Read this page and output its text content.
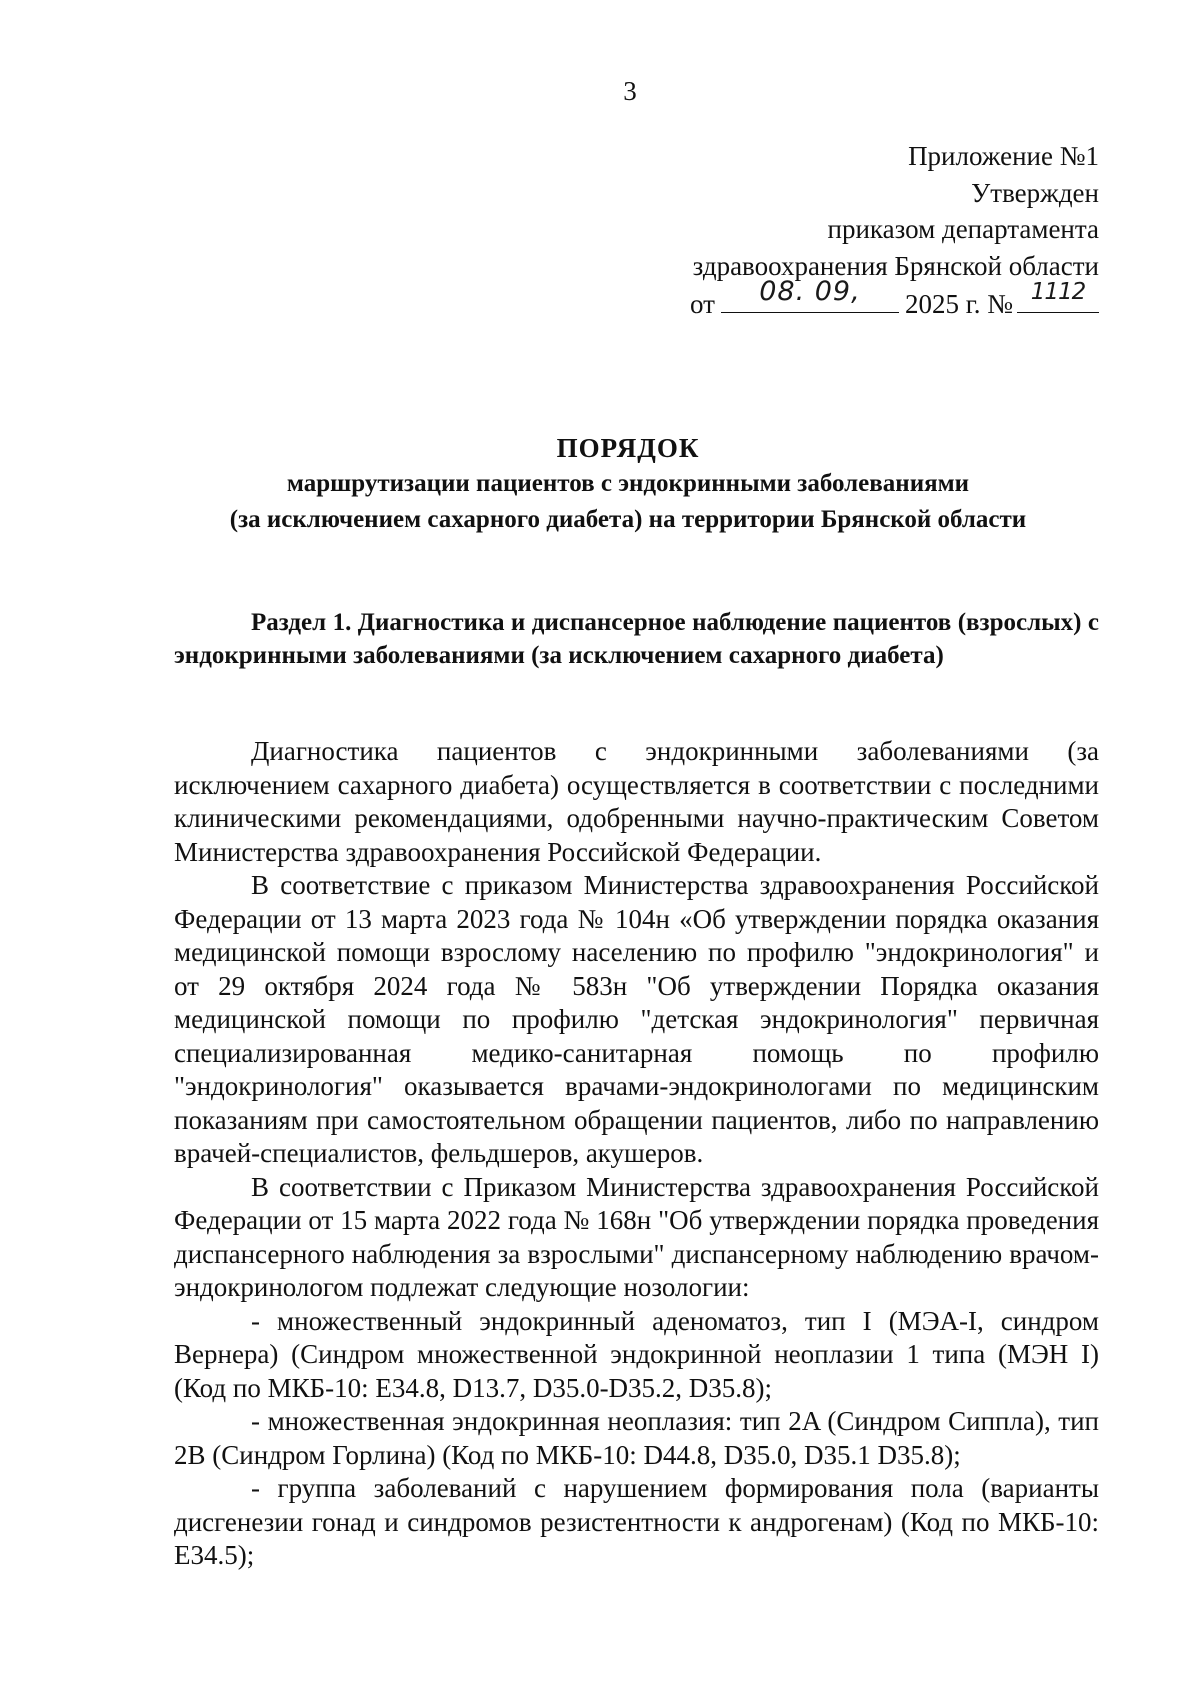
3
Приложение №1
Утвержден
приказом департамента
здравоохранения Брянской области
от	08. 09,	2025 г. № 1112
ПОРЯДОК
маршрутизации пациентов с эндокринными заболеваниями
(за исключением сахарного диабета) на территории Брянской области
Раздел 1. Диагностика и диспансерное наблюдение пациентов (взрослых) с эндокринными заболеваниями (за исключением сахарного диабета)

Диагностика пациентов с эндокринными заболеваниями (за исключением сахарного диабета) осуществляется в соответствии с последними клиническими рекомендациями, одобренными научно-практическим Советом Министерства здравоохранения Российской Федерации.

В соответствие с приказом Министерства здравоохранения Российской Федерации от 13 марта 2023 года № 104н «Об утверждении порядка оказания медицинской помощи взрослому населению по профилю "эндокринология" и от 29 октября 2024 года № 583н "Об утверждении Порядка оказания медицинской помощи по профилю "детская эндокринология" первичная специализированная медико-санитарная помощь по профилю "эндокринология" оказывается врачами-эндокринологами по медицинским показаниям при самостоятельном обращении пациентов, либо по направлению врачей-специалистов, фельдшеров, акушеров.

В соответствии с Приказом Министерства здравоохранения Российской Федерации от 15 марта 2022 года № 168н "Об утверждении порядка проведения диспансерного наблюдения за взрослыми" диспансерному наблюдению врачом-эндокринологом подлежат следующие нозологии:

- множественный эндокринный аденоматоз, тип I (МЭА-I, синдром Вернера) (Синдром множественной эндокринной неоплазии 1 типа (МЭН I) (Код по МКБ-10: E34.8, D13.7, D35.0-D35.2, D35.8);

- множественная эндокринная неоплазия: тип 2A (Синдром Сиппла), тип 2B (Синдром Горлина) (Код по МКБ-10: D44.8, D35.0, D35.1 D35.8);

- группа заболеваний с нарушением формирования пола (варианты дисгенезии гонад и синдромов резистентности к андрогенам) (Код по МКБ-10: E34.5);
